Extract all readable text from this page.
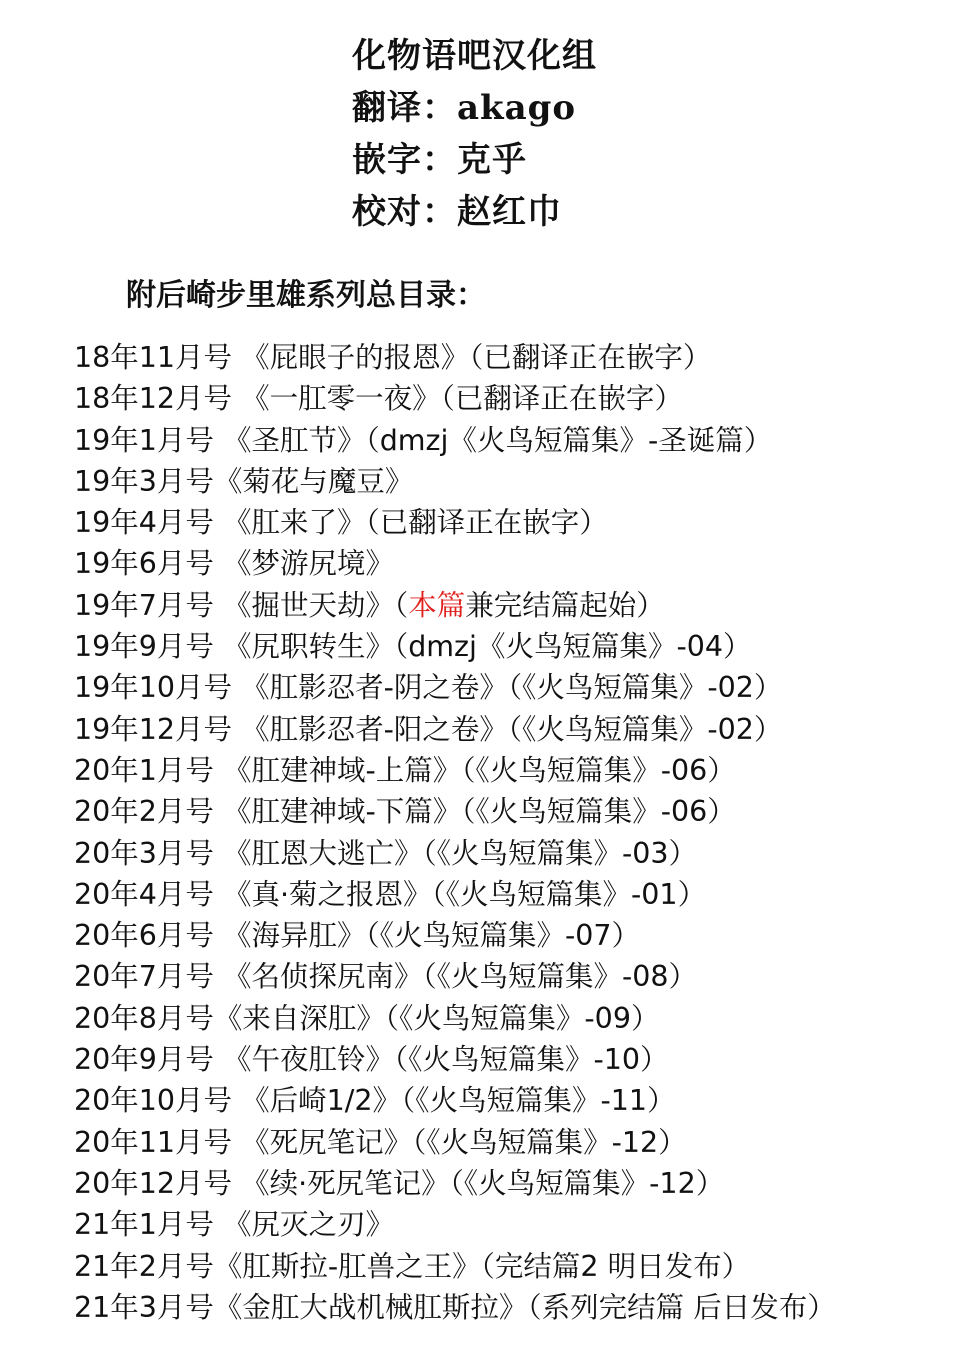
化物语吧汉化组
翻译：akago
嵌字：克乎
校对：赵红巾
附后崎步里雄系列总目录：
18年11月号 《屁眼子的报恩》（已翻译正在嵌字）
18年12月号 《一肛零一夜》（已翻译正在嵌字）
19年1月号 《圣肛节》（dmzj《火鸟短篇集》-圣诞篇）
19年3月号《菊花与魔豆》
19年4月号 《肛来了》（已翻译正在嵌字）
19年6月号 《梦游尻境》
19年7月号 《掘世天劫》（本篇兼完结篇起始）
19年9月号 《尻职转生》（dmzj《火鸟短篇集》-04）
19年10月号 《肛影忍者-阴之卷》（《火鸟短篇集》-02）
19年12月号 《肛影忍者-阳之卷》（《火鸟短篇集》-02）
20年1月号 《肛建神域-上篇》（《火鸟短篇集》-06）
20年2月号 《肛建神域-下篇》（《火鸟短篇集》-06）
20年3月号 《肛恩大逃亡》（《火鸟短篇集》-03）
20年4月号 《真·菊之报恩》（《火鸟短篇集》-01）
20年6月号 《海异肛》（《火鸟短篇集》-07）
20年7月号 《名侦探尻南》（《火鸟短篇集》-08）
20年8月号《来自深肛》（《火鸟短篇集》-09）
20年9月号 《午夜肛铃》（《火鸟短篇集》-10）
20年10月号 《后崎1/2》（《火鸟短篇集》-11）
20年11月号 《死尻笔记》（《火鸟短篇集》-12）
20年12月号 《续·死尻笔记》（《火鸟短篇集》-12）
21年1月号 《尻灭之刃》
21年2月号《肛斯拉-肛兽之王》（完结篇2 明日发布）
21年3月号《金肛大战机械肛斯拉》（系列完结篇 后日发布）
